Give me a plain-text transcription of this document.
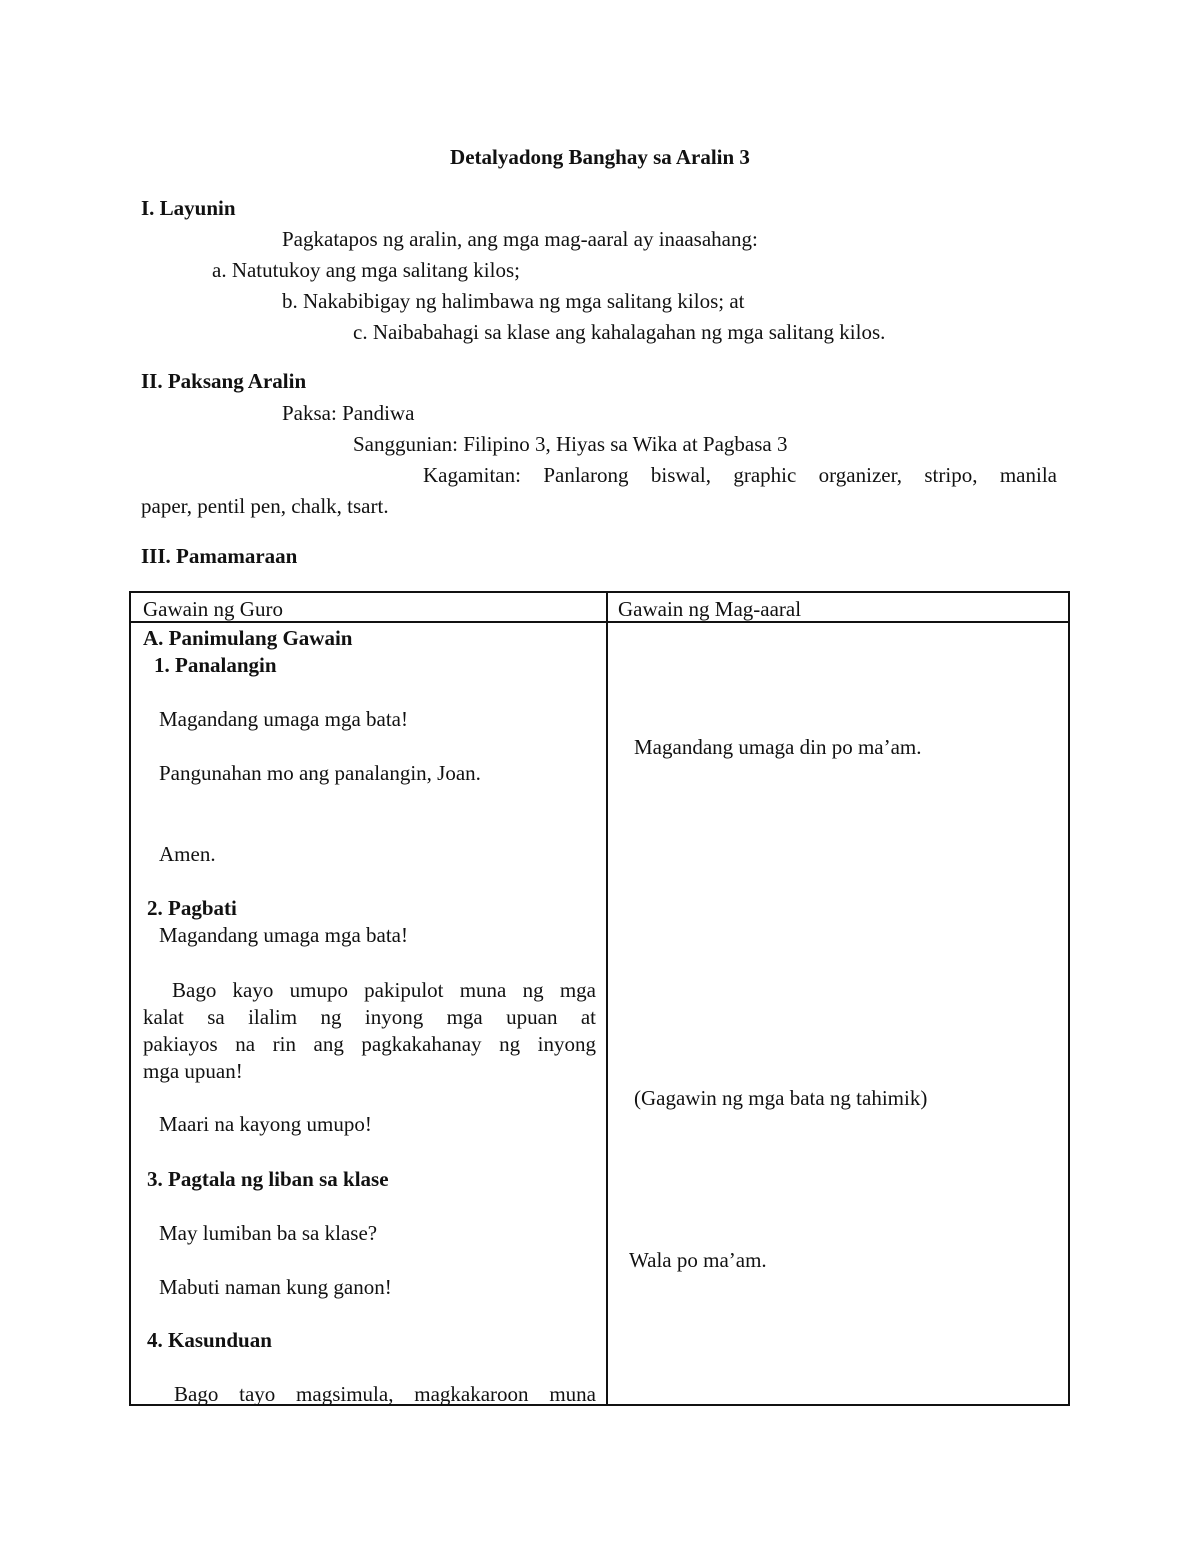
Detalyadong Banghay sa Aralin 3
I. Layunin
Pagkatapos ng aralin, ang mga mag-aaral ay inaasahang:
a. Natutukoy ang mga salitang kilos;
b. Nakabibigay ng halimbawa ng mga salitang kilos; at
c. Naibabahagi sa klase ang kahalagahan ng mga salitang kilos.
II. Paksang Aralin
Paksa: Pandiwa
Sanggunian: Filipino 3, Hiyas sa Wika at Pagbasa 3
Kagamitan: Panlarong biswal, graphic organizer, stripo, manila
paper, pentil pen, chalk, tsart.
III. Pamamaraan
Gawain ng Guro	Gawain ng Mag-aaral
A. Panimulang Gawain
1. Panalangin
Magandang umaga mga bata!
Pangunahan mo ang panalangin, Joan.
Amen.
2. Pagbati
Magandang umaga mga bata!
Bago kayo umupo pakipulot muna ng mga
kalat sa ilalim ng inyong mga upuan at
pakiayos na rin ang pagkakahanay ng inyong
mga upuan!
Maari na kayong umupo!
3. Pagtala ng liban sa klase
May lumiban ba sa klase?
Mabuti naman kung ganon!
4. Kasunduan
Bago tayo magsimula, magkakaroon muna
Magandang umaga din po ma’am.
(Gagawin ng mga bata ng tahimik)
Wala po ma’am.
